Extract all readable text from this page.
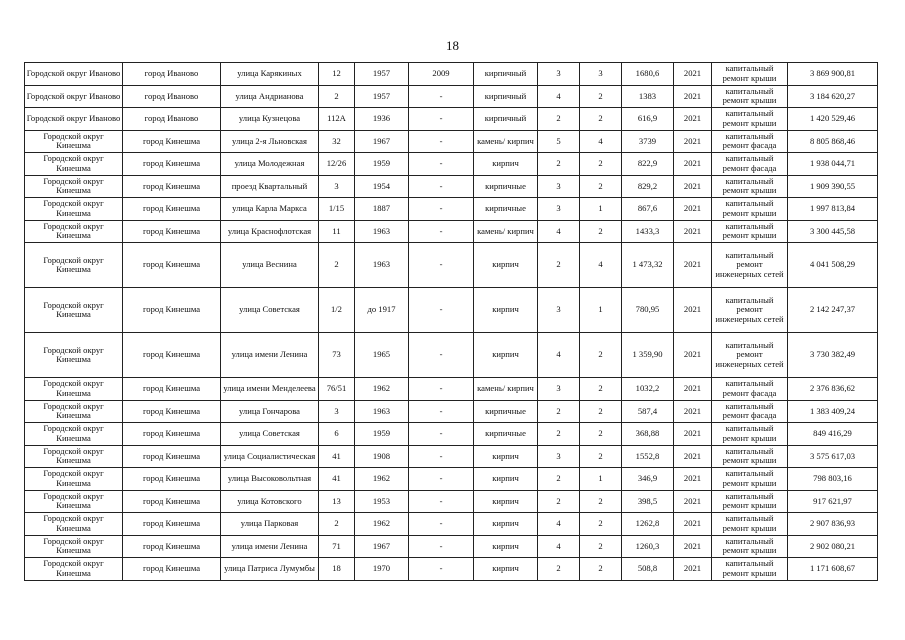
18
Городской округ Иваново	город Иваново	улица Карякиных	12	1957	2009	кирпичный	3	3	1680,6	2021	капитальный ремонт крыши	3 869 900,81
Городской округ Иваново	город Иваново	улица Андрианова	2	1957	-	кирпичный	4	2	1383	2021	капитальный ремонт крыши	3 184 620,27
Городской округ Иваново	город Иваново	улица Кузнецова	112А	1936	-	кирпичный	2	2	616,9	2021	капитальный ремонт крыши	1 420 529,46
Городской округ Кинешма	город Кинешма	улица 2-я Льновская	32	1967	-	камень/ кирпич	5	4	3739	2021	капитальный ремонт фасада	8 805 868,46
Городской округ Кинешма	город Кинешма	улица Молодежная	12/26	1959	-	кирпич	2	2	822,9	2021	капитальный ремонт фасада	1 938 044,71
Городской округ Кинешма	город Кинешма	проезд Квартальный	3	1954	-	кирпичные	3	2	829,2	2021	капитальный ремонт крыши	1 909 390,55
Городской округ Кинешма	город Кинешма	улица Карла Маркса	1/15	1887	-	кирпичные	3	1	867,6	2021	капитальный ремонт крыши	1 997 813,84
Городской округ Кинешма	город Кинешма	улица Краснофлотская	11	1963	-	камень/ кирпич	4	2	1433,3	2021	капитальный ремонт крыши	3 300 445,58
Городской округ Кинешма	город Кинешма	улица Веснина	2	1963	-	кирпич	2	4	1 473,32	2021	капитальный ремонт инженерных сетей	4 041 508,29
Городской округ Кинешма	город Кинешма	улица Советская	1/2	до 1917	-	кирпич	3	1	780,95	2021	капитальный ремонт инженерных сетей	2 142 247,37
Городской округ Кинешма	город Кинешма	улица имени Ленина	73	1965	-	кирпич	4	2	1 359,90	2021	капитальный ремонт инженерных сетей	3 730 382,49
Городской округ Кинешма	город Кинешма	улица имени Менделеева	76/51	1962	-	камень/ кирпич	3	2	1032,2	2021	капитальный ремонт фасада	2 376 836,62
Городской округ Кинешма	город Кинешма	улица Гончарова	3	1963	-	кирпичные	2	2	587,4	2021	капитальный ремонт фасада	1 383 409,24
Городской округ Кинешма	город Кинешма	улица Советская	6	1959	-	кирпичные	2	2	368,88	2021	капитальный ремонт крыши	849 416,29
Городской округ Кинешма	город Кинешма	улица Социалистическая	41	1908	-	кирпич	3	2	1552,8	2021	капитальный ремонт крыши	3 575 617,03
Городской округ Кинешма	город Кинешма	улица Высоковольтная	41	1962	-	кирпич	2	1	346,9	2021	капитальный ремонт крыши	798 803,16
Городской округ Кинешма	город Кинешма	улица Котовского	13	1953	-	кирпич	2	2	398,5	2021	капитальный ремонт крыши	917 621,97
Городской округ Кинешма	город Кинешма	улица Парковая	2	1962	-	кирпич	4	2	1262,8	2021	капитальный ремонт крыши	2 907 836,93
Городской округ Кинешма	город Кинешма	улица имени Ленина	71	1967	-	кирпич	4	2	1260,3	2021	капитальный ремонт крыши	2 902 080,21
Городской округ Кинешма	город Кинешма	улица Патриса Лумумбы	18	1970	-	кирпич	2	2	508,8	2021	капитальный ремонт крыши	1 171 608,67
